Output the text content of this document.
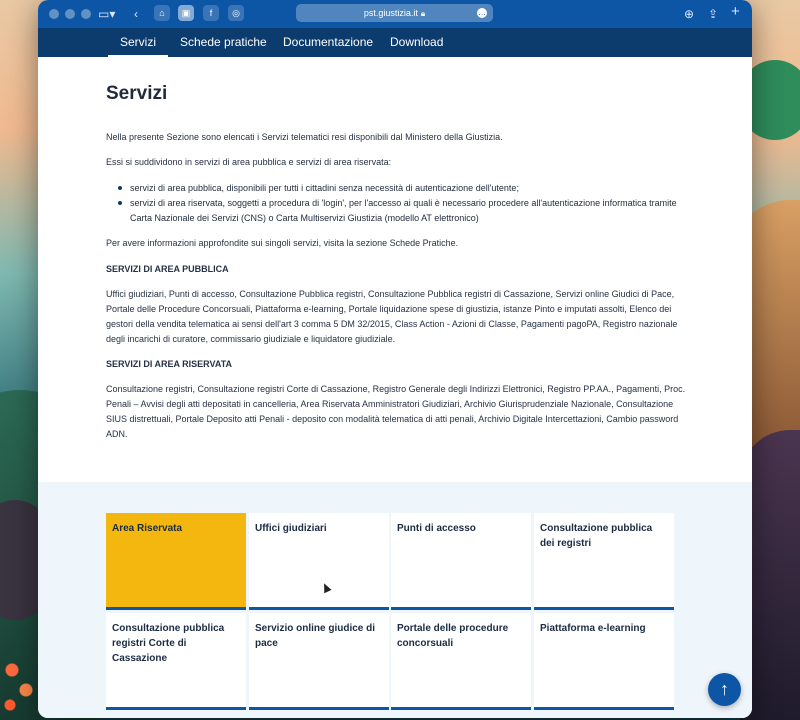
▭▾ ‹	⌂	▣	f	◎	pst.giustizia.it 🔒︎	…	⊕ ⇪ +
Servizi Schede pratiche Documentazione Download
Servizi
Nella presente Sezione sono elencati i Servizi telematici resi disponibili dal Ministero della Giustizia.
Essi si suddividono in servizi di area pubblica e servizi di area riservata:
servizi di area pubblica, disponibili per tutti i cittadini senza necessità di autenticazione dell'utente;
servizi di area riservata, soggetti a procedura di 'login', per l'accesso ai quali è necessario procedere all'autenticazione informatica tramite Carta Nazionale dei Servizi (CNS) o Carta Multiservizi Giustizia (modello AT elettronico)
Per avere informazioni approfondite sui singoli servizi, visita la sezione Schede Pratiche.
SERVIZI DI AREA PUBBLICA
Uffici giudiziari, Punti di accesso, Consultazione Pubblica registri, Consultazione Pubblica registri di Cassazione, Servizi online Giudici di Pace, Portale delle Procedure Concorsuali, Piattaforma e-learning, Portale liquidazione spese di giustizia, istanze Pinto e imputati assolti, Elenco dei gestori della vendita telematica ai sensi dell'art 3 comma 5 DM 32/2015, Class Action - Azioni di Classe, Pagamenti pagoPA, Registro nazionale degli incarichi di curatore, commissario giudiziale e liquidatore giudiziale.
SERVIZI DI AREA RISERVATA
Consultazione registri, Consultazione registri Corte di Cassazione, Registro Generale degli Indirizzi Elettronici, Registro PP.AA., Pagamenti, Proc. Penali – Avvisi degli atti depositati in cancelleria, Area Riservata Amministratori Giudiziari, Archivio Giurisprudenziale Nazionale, Consultazione SIUS distrettuali, Portale Deposito atti Penali - deposito con modalità telematica di atti penali, Archivio Digitale Intercettazioni, Cambio password ADN.
Area Riservata	Uffici giudiziari	Punti di accesso	Consultazione pubblica dei registri
Consultazione pubblica registri Corte di Cassazione
Servizio online giudice di pace
Portale delle procedure concorsuali
Piattaforma e-learning
↑
